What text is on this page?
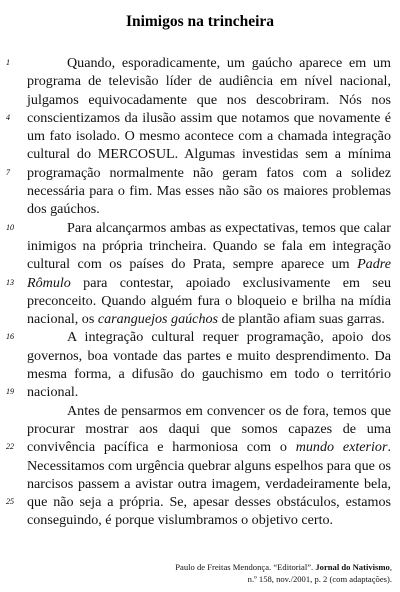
Inimigos na trincheira
1	Quando, esporadicamente, um gaúcho aparece em um
programa de televisão líder de audiência em nível nacional,
julgamos equivocadamente que nos descobriram. Nós nos
4	conscientizamos da ilusão assim que notamos que novamente é
um fato isolado. O mesmo acontece com a chamada integração
cultural do MERCOSUL. Algumas investidas sem a mínima
7	programação normalmente não geram fatos com a solidez
necessária para o fim. Mas esses não são os maiores problemas
dos gaúchos.
10	Para alcançarmos ambas as expectativas, temos que calar
inimigos na própria trincheira. Quando se fala em integração
cultural com os países do Prata, sempre aparece um Padre
13 Rômulo para contestar, apoiado exclusivamente em seu
preconceito. Quando alguém fura o bloqueio e brilha na mídia
nacional, os caranguejos gaúchos de plantão afiam suas garras.
16	A integração cultural requer programação, apoio dos
governos, boa vontade das partes e muito desprendimento. Da
mesma forma, a difusão do gauchismo em todo o território
19 nacional.
Antes de pensarmos em convencer os de fora, temos que
procurar mostrar aos daqui que somos capazes de uma
22 convivência pacífica e harmoniosa com o mundo exterior.
Necessitamos com urgência quebrar alguns espelhos para que os
narcisos passem a avistar outra imagem, verdadeiramente bela,
25 que não seja a própria. Se, apesar desses obstáculos, estamos
conseguindo, é porque vislumbramos o objetivo certo.
Paulo de Freitas Mendonça. “Editorial”. Jornal do Nativismo, n.º 158, nov./2001, p. 2 (com adaptações).
